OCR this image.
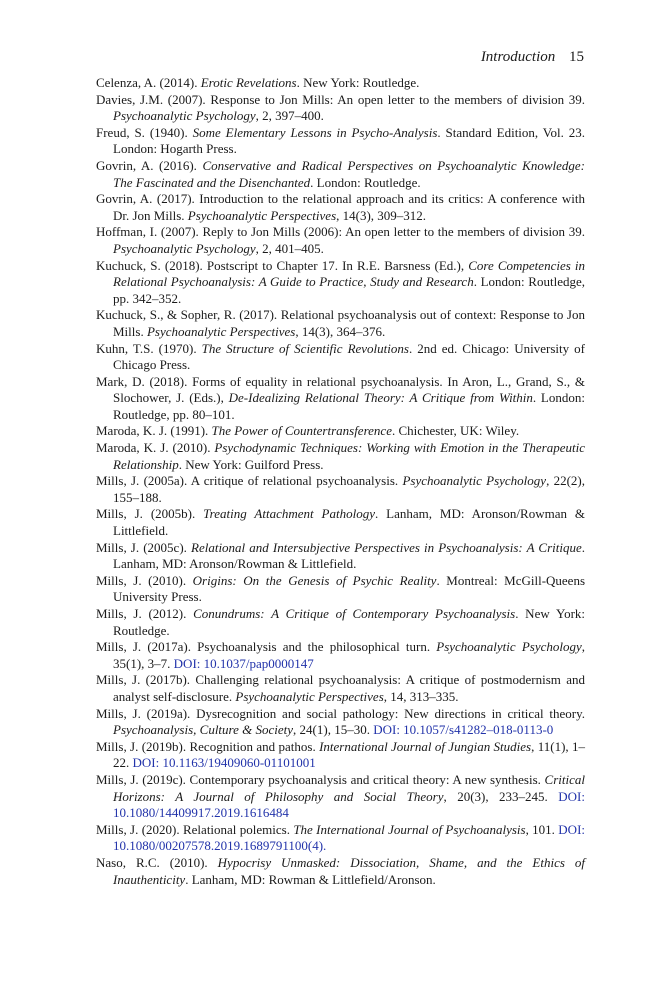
Introduction 15

Celenza, A. (2014). Erotic Revelations. New York: Routledge.

Davies, J.M. (2007). Response to Jon Mills: An open letter to the members of division 39. Psychoanalytic Psychology, 2, 397–400.

Freud, S. (1940). Some Elementary Lessons in Psycho-Analysis. Standard Edition, Vol. 23. London: Hogarth Press.

Govrin, A. (2016). Conservative and Radical Perspectives on Psychoanalytic Knowledge: The Fascinated and the Disenchanted. London: Routledge.

Govrin, A. (2017). Introduction to the relational approach and its critics: A conference with Dr. Jon Mills. Psychoanalytic Perspectives, 14(3), 309–312.

Hoffman, I. (2007). Reply to Jon Mills (2006): An open letter to the members of division 39. Psychoanalytic Psychology, 2, 401–405.

Kuchuck, S. (2018). Postscript to Chapter 17. In R.E. Barsness (Ed.), Core Competencies in Relational Psychoanalysis: A Guide to Practice, Study and Research. London: Routledge, pp. 342–352.

Kuchuck, S., & Sopher, R. (2017). Relational psychoanalysis out of context: Response to Jon Mills. Psychoanalytic Perspectives, 14(3), 364–376.

Kuhn, T.S. (1970). The Structure of Scientific Revolutions. 2nd ed. Chicago: University of Chicago Press.

Mark, D. (2018). Forms of equality in relational psychoanalysis. In Aron, L., Grand, S., & Slochower, J. (Eds.), De-Idealizing Relational Theory: A Critique from Within. London: Routledge, pp. 80–101.

Maroda, K. J. (1991). The Power of Countertransference. Chichester, UK: Wiley.

Maroda, K. J. (2010). Psychodynamic Techniques: Working with Emotion in the Therapeutic Relationship. New York: Guilford Press.

Mills, J. (2005a). A critique of relational psychoanalysis. Psychoanalytic Psychology, 22(2), 155–188.

Mills, J. (2005b). Treating Attachment Pathology. Lanham, MD: Aronson/Rowman & Littlefield.

Mills, J. (2005c). Relational and Intersubjective Perspectives in Psychoanalysis: A Critique. Lanham, MD: Aronson/Rowman & Littlefield.

Mills, J. (2010). Origins: On the Genesis of Psychic Reality. Montreal: McGill-Queens University Press.

Mills, J. (2012). Conundrums: A Critique of Contemporary Psychoanalysis. New York: Routledge.

Mills, J. (2017a). Psychoanalysis and the philosophical turn. Psychoanalytic Psychology, 35(1), 3–7. DOI: 10.1037/pap0000147

Mills, J. (2017b). Challenging relational psychoanalysis: A critique of postmodernism and analyst self-disclosure. Psychoanalytic Perspectives, 14, 313–335.

Mills, J. (2019a). Dysrecognition and social pathology: New directions in critical theory. Psychoanalysis, Culture & Society, 24(1), 15–30. DOI: 10.1057/s41282–018-0113-0

Mills, J. (2019b). Recognition and pathos. International Journal of Jungian Studies, 11(1), 1–22. DOI: 10.1163/19409060-01101001

Mills, J. (2019c). Contemporary psychoanalysis and critical theory: A new synthesis. Critical Horizons: A Journal of Philosophy and Social Theory, 20(3), 233–245. DOI: 10.1080/14409917.2019.1616484

Mills, J. (2020). Relational polemics. The International Journal of Psychoanalysis, 101. DOI: 10.1080/00207578.2019.1689791100(4).

Naso, R.C. (2010). Hypocrisy Unmasked: Dissociation, Shame, and the Ethics of Inauthenticity. Lanham, MD: Rowman & Littlefield/Aronson.
